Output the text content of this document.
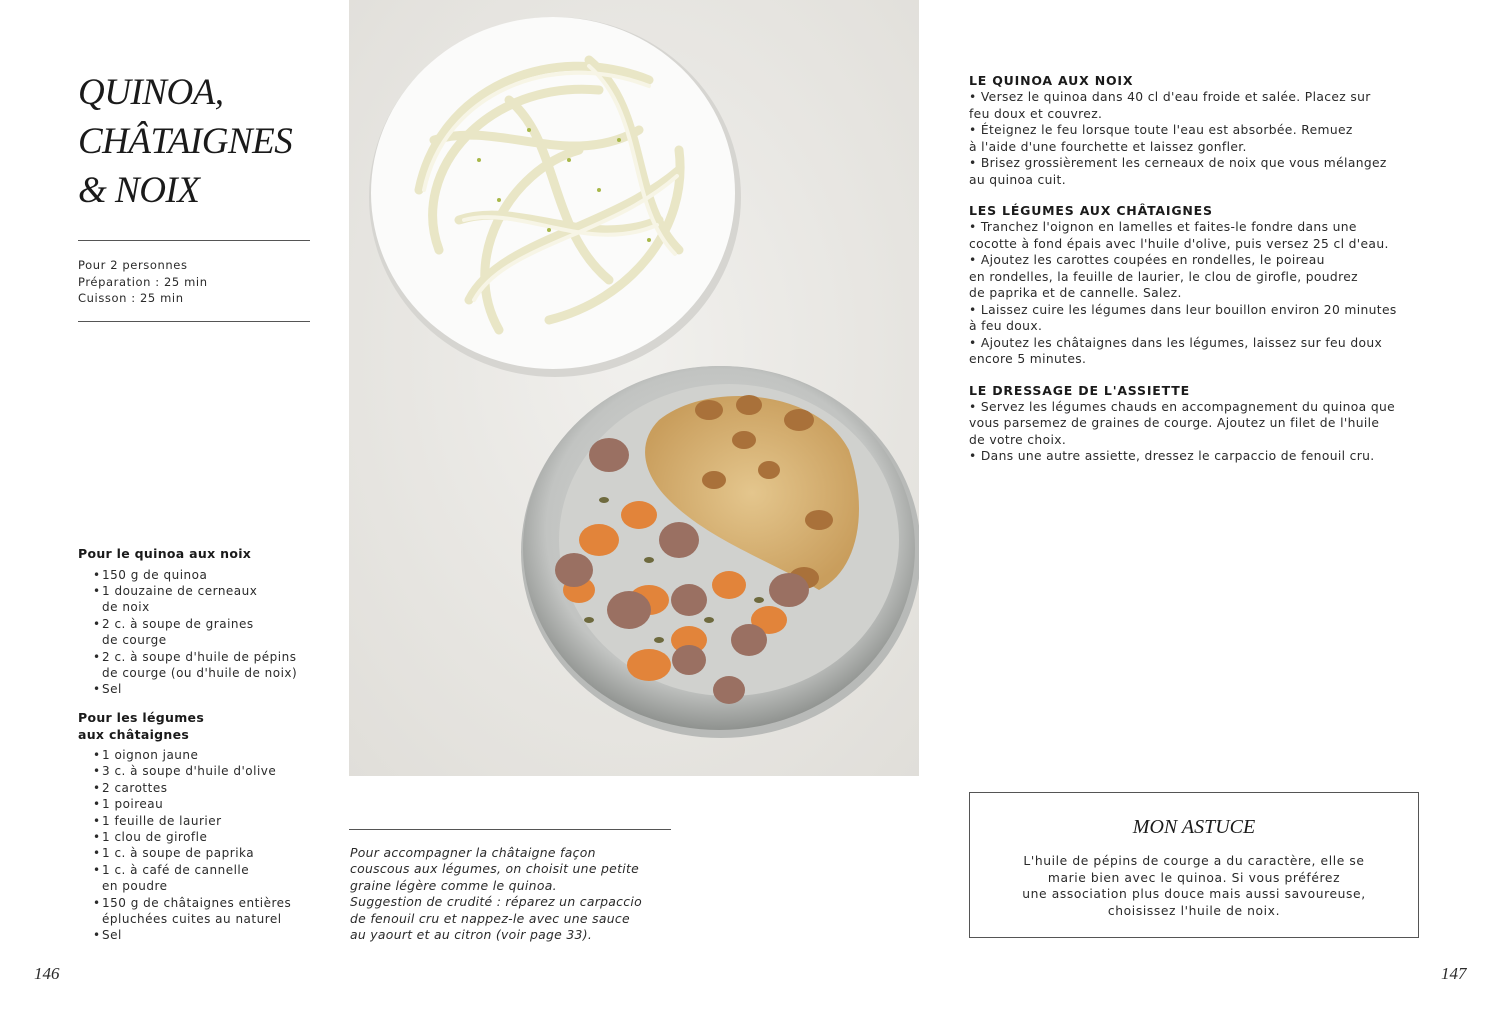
QUINOA,
CHÂTAIGNES
& NOIX
Pour 2 personnes
Préparation : 25 min
Cuisson : 25 min
Pour le quinoa aux noix
• 150 g de quinoa
• 1 douzaine de cerneaux
de noix
• 2 c. à soupe de graines
de courge
• 2 c. à soupe d'huile de pépins
de courge (ou d'huile de noix)
• Sel
Pour les légumes
aux châtaignes
• 1 oignon jaune
• 3 c. à soupe d'huile d'olive
• 2 carottes
• 1 poireau
• 1 feuille de laurier
• 1 clou de girofle
• 1 c. à soupe de paprika
• 1 c. à café de cannelle
en poudre
• 150 g de châtaignes entières
épluchées cuites au naturel
• Sel
146
Pour accompagner la châtaigne façon
couscous aux légumes, on choisit une petite
graine légère comme le quinoa.
Suggestion de crudité : réparez un carpaccio
de fenouil cru et nappez-le avec une sauce
au yaourt et au citron (voir page 33).
LE QUINOA AUX NOIX
• Versez le quinoa dans 40 cl d'eau froide et salée. Placez sur
feu doux et couvrez.
• Éteignez le feu lorsque toute l'eau est absorbée. Remuez
à l'aide d'une fourchette et laissez gonfler.
• Brisez grossièrement les cerneaux de noix que vous mélangez
au quinoa cuit.
LES LÉGUMES AUX CHÂTAIGNES
• Tranchez l'oignon en lamelles et faites-le fondre dans une
cocotte à fond épais avec l'huile d'olive, puis versez 25 cl d'eau.
• Ajoutez les carottes coupées en rondelles, le poireau
en rondelles, la feuille de laurier, le clou de girofle, poudrez
de paprika et de cannelle. Salez.
• Laissez cuire les légumes dans leur bouillon environ 20 minutes
à feu doux.
• Ajoutez les châtaignes dans les légumes, laissez sur feu doux
encore 5 minutes.
LE DRESSAGE DE L'ASSIETTE
• Servez les légumes chauds en accompagnement du quinoa que
vous parsemez de graines de courge. Ajoutez un filet de l'huile
de votre choix.
• Dans une autre assiette, dressez le carpaccio de fenouil cru.
MON ASTUCE
L'huile de pépins de courge a du caractère, elle se
marie bien avec le quinoa. Si vous préférez
une association plus douce mais aussi savoureuse,
choisissez l'huile de noix.
147
